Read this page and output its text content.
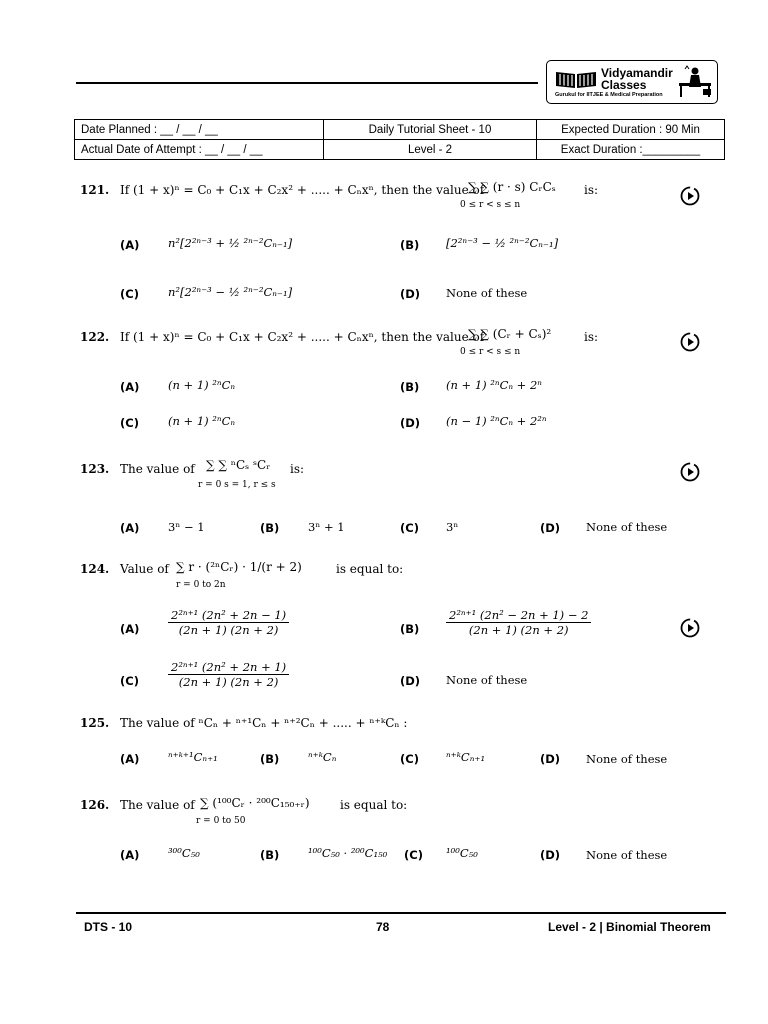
Vidyamandir
Classes
Gurukul for IITJEE & Medical Preparation
Date Planned : __ / __ / __	Daily Tutorial Sheet - 10	Expected Duration : 90 Min
Actual Date of Attempt : __ / __ / __	Level - 2	Exact Duration :_________
121. If (1 + x)ⁿ = C₀ + C₁x + C₂x² + ..... + Cₙxⁿ, then the value of
∑ ∑ (r · s) CᵣCₛ
0 ≤ r < s ≤ n
is:
(A) n²[2²ⁿ⁻³ + ½ ²ⁿ⁻²Cₙ₋₁]	(B) [2²ⁿ⁻³ − ½ ²ⁿ⁻²Cₙ₋₁]
(C)	n²[2²ⁿ⁻³ − ½ ²ⁿ⁻²Cₙ₋₁]	(D) None of these
122. If (1 + x)ⁿ = C₀ + C₁x + C₂x² + ..... + Cₙxⁿ, then the value of
∑ ∑ (Cᵣ + Cₛ)²
0 ≤ r < s ≤ n
is:
(A) (n + 1) ²ⁿCₙ	(B) (n + 1) ²ⁿCₙ + 2ⁿ
(C)	(n + 1) ²ⁿCₙ	(D) (n − 1) ²ⁿCₙ + 2²ⁿ
123. The value of ∑ ∑ ⁿCₛ ˢCᵣ
r = 0 s = 1, r ≤ s
is:
(A) 3ⁿ − 1	(B) 3ⁿ + 1	(C) 3ⁿ	(D) None of these
124. Value of ∑ r · (²ⁿCᵣ) · 1/(r + 2)
r = 0 to 2n
is equal to:
$(A) \frac{\text{2²ⁿ⁺¹ (2n² + 2n − 1)}}{(2n + 1) (2n + 2)}$	$(B) \frac{\text{2²ⁿ⁺¹ (2n² − 2n + 1) − 2}}{(2n + 1) (2n + 2)}$
(C)	$\frac{\text{2²ⁿ⁺¹ (2n² + 2n + 1)}}{(2n + 1) (2n + 2)}$	(D) None of these
125. The value of ⁿCₙ + ⁿ⁺¹Cₙ + ⁿ⁺²Cₙ + ..... + ⁿ⁺ᵏCₙ :
(A) ⁿ⁺ᵏ⁺¹Cₙ₊₁	(B) ⁿ⁺ᵏCₙ	(C) ⁿ⁺ᵏCₙ₊₁	(D) None of these
126. The value of ∑ (¹⁰⁰Cᵣ · ²⁰⁰C₁₅₀₊ᵣ)
r = 0 to 50
is equal to:
(A) ³⁰⁰C₅₀	(B) ¹⁰⁰C₅₀ · ²⁰⁰C₁₅₀ (C) ¹⁰⁰C₅₀	(D) None of these
DTS - 10	78	Level - 2 | Binomial Theorem
